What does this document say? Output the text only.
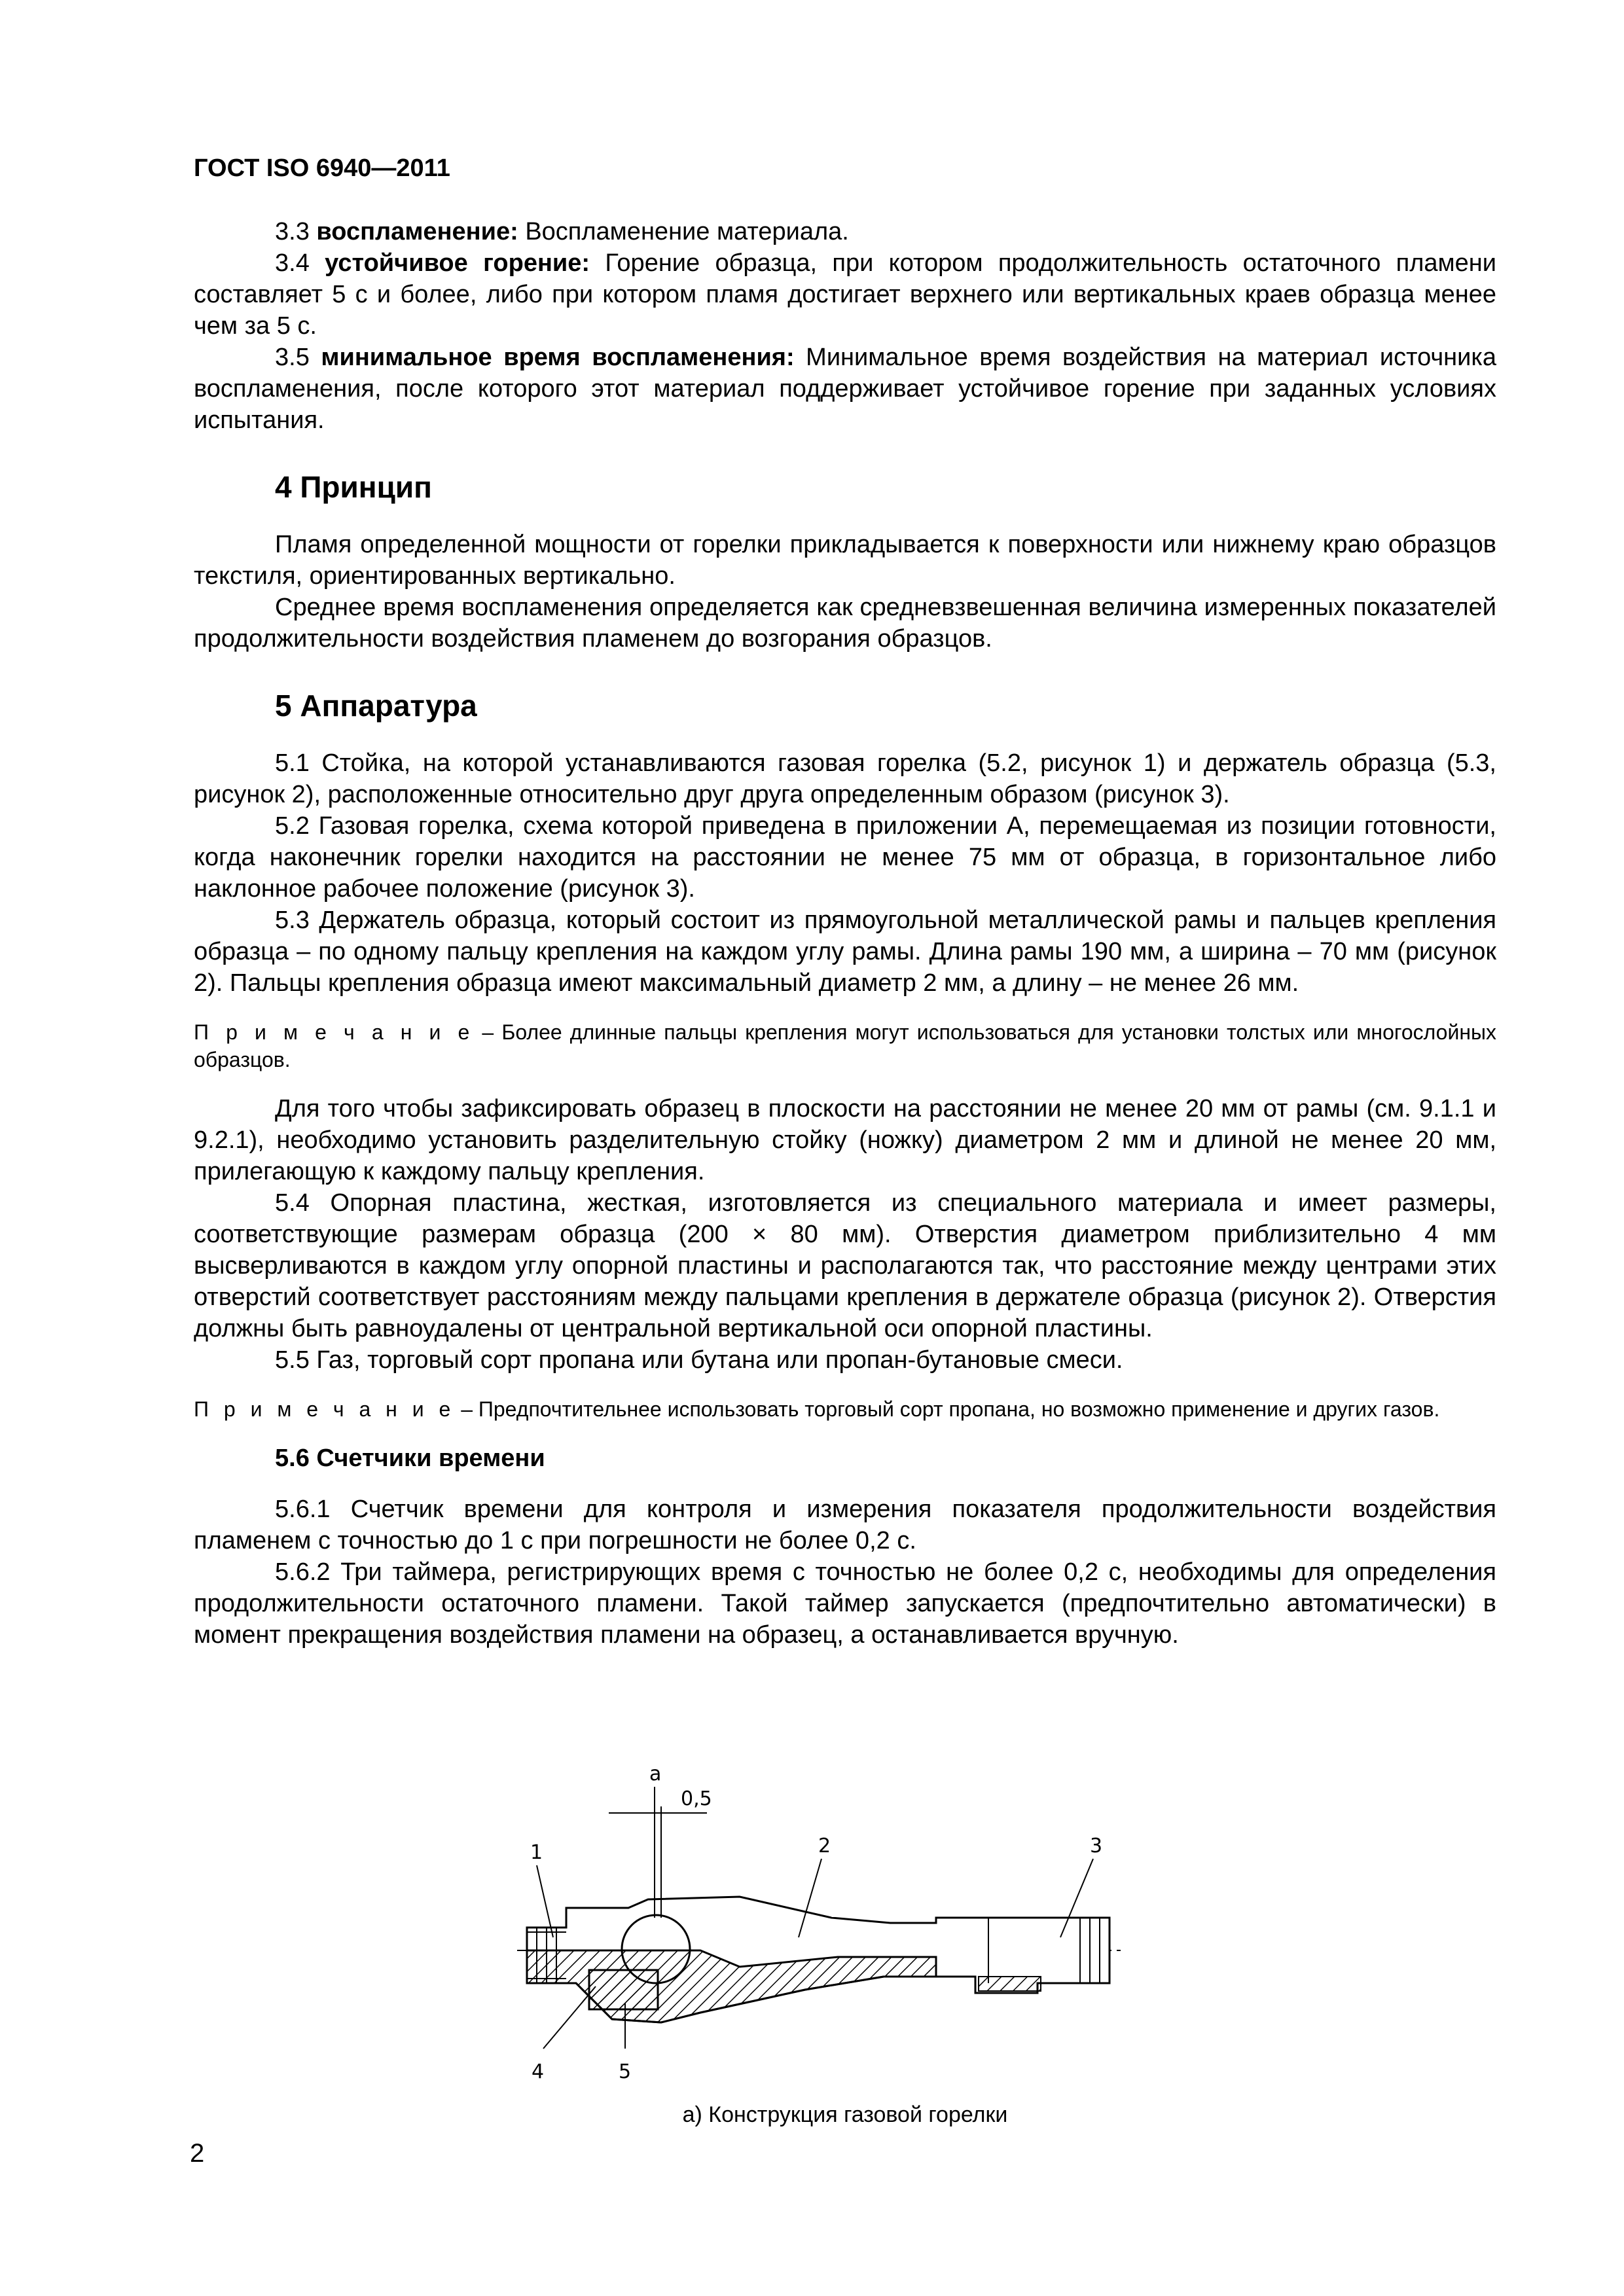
ГОСТ ISO 6940—2011

3.3 воспламенение: Воспламенение материала.

3.4 устойчивое горение: Горение образца, при котором продолжительность остаточного пламени составляет 5 с и более, либо при котором пламя достигает верхнего или вертикальных краев образца менее чем за 5 с.

3.5 минимальное время воспламенения: Минимальное время воздействия на материал источника воспламенения, после которого этот материал поддерживает устойчивое горение при заданных условиях испытания.

4 Принцип

Пламя определенной мощности от горелки прикладывается к поверхности или нижнему краю образцов текстиля, ориентированных вертикально.

Среднее время воспламенения определяется как средневзвешенная величина измеренных показателей продолжительности воздействия пламенем до возгорания образцов.

5 Аппаратура

5.1 Стойка, на которой устанавливаются газовая горелка (5.2, рисунок 1) и держатель образца (5.3, рисунок 2), расположенные относительно друг друга определенным образом (рисунок 3).

5.2 Газовая горелка, схема которой приведена в приложении А, перемещаемая из позиции готовности, когда наконечник горелки находится на расстоянии не менее 75 мм от образца, в горизонтальное либо наклонное рабочее положение (рисунок 3).

5.3 Держатель образца, который состоит из прямоугольной металлической рамы и пальцев крепления образца – по одному пальцу крепления на каждом углу рамы. Длина рамы 190 мм, а ширина – 70 мм (рисунок 2). Пальцы крепления образца имеют максимальный диаметр 2 мм, а длину – не менее 26 мм.

П р и м е ч а н и е – Более длинные пальцы крепления могут использоваться для установки толстых или многослойных образцов.

Для того чтобы зафиксировать образец в плоскости на расстоянии не менее 20 мм от рамы (см. 9.1.1 и 9.2.1), необходимо установить разделительную стойку (ножку) диаметром 2 мм и длиной не менее 20 мм, прилегающую к каждому пальцу крепления.

5.4 Опорная пластина, жесткая, изготовляется из специального материала и имеет размеры, соответствующие размерам образца (200 × 80 мм). Отверстия диаметром приблизительно 4 мм высверливаются в каждом углу опорной пластины и располагаются так, что расстояние между центрами этих отверстий соответствует расстояниям между пальцами крепления в держателе образца (рисунок 2). Отверстия должны быть равноудалены от центральной вертикальной оси опорной пластины.

5.5 Газ, торговый сорт пропана или бутана или пропан-бутановые смеси.

П р и м е ч а н и е – Предпочтительнее использовать торговый сорт пропана, но возможно применение и других газов.
5.6 Счетчики времени

5.6.1 Счетчик времени для контроля и измерения показателя продолжительности воздействия пламенем с точностью до 1 с при погрешности не более 0,2 с.

5.6.2 Три таймера, регистрирующих время с точностью не более 0,2 с, необходимы для определения продолжительности остаточного пламени. Такой таймер запускается (предпочтительно автоматически) в момент прекращения воздействия пламени на образец, а останавливается вручную.

a
0,5
1	2	3
4	5
а) Конструкция газовой горелки
2
